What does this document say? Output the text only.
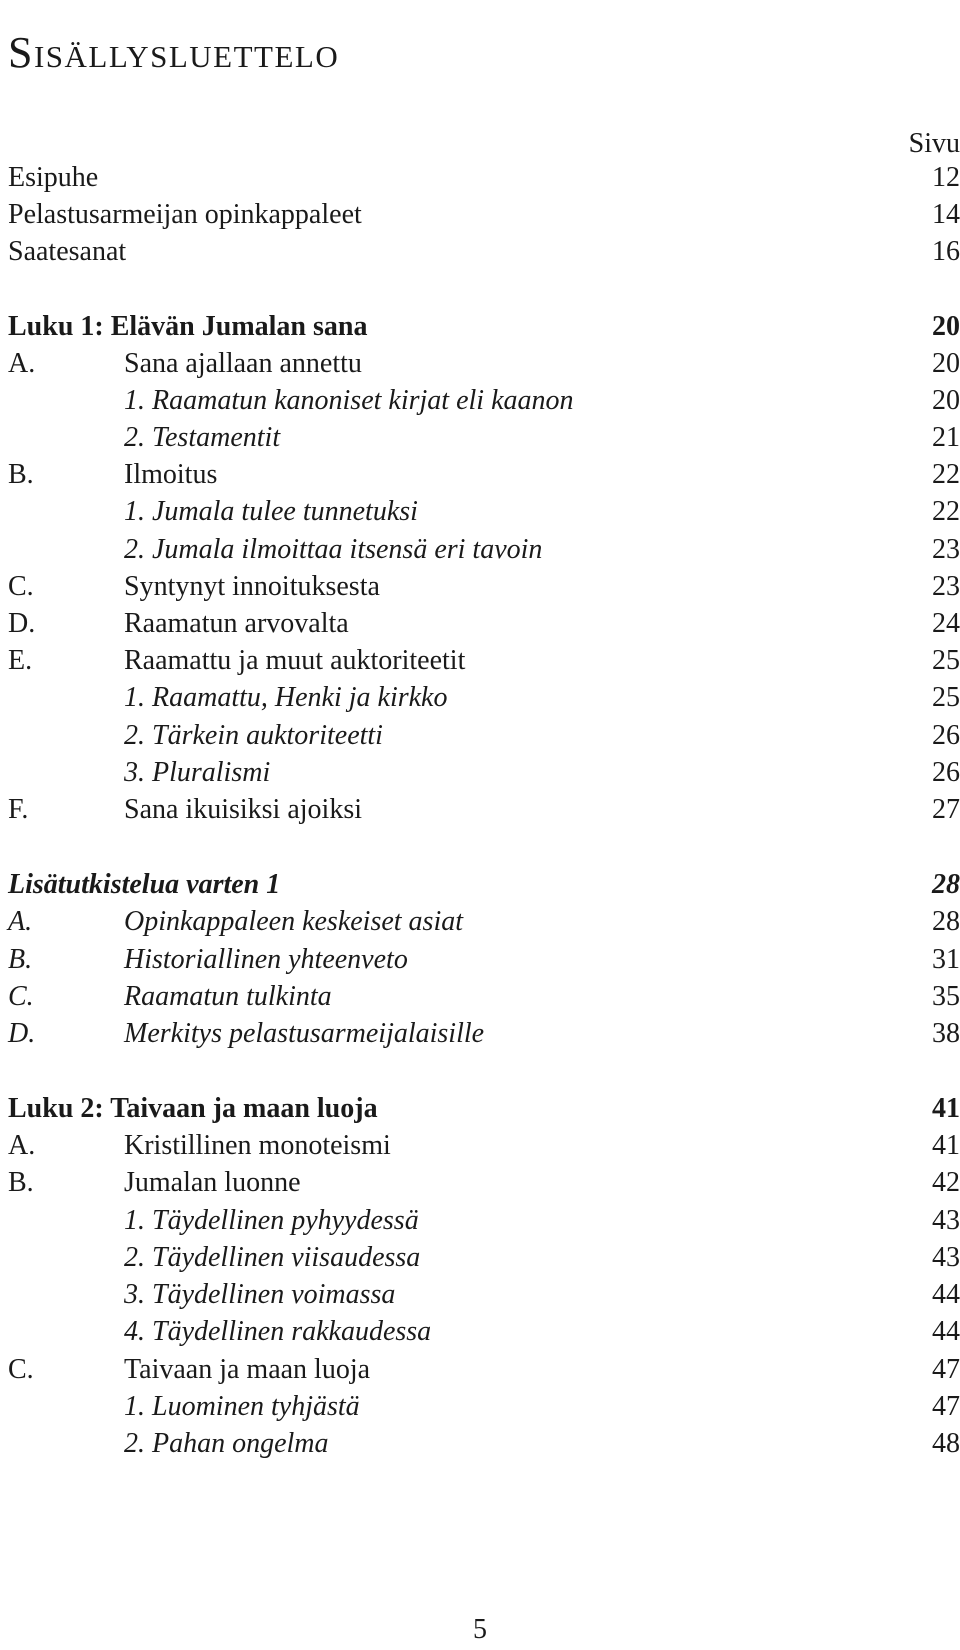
Sisällysluettelo
Sivu
Esipuhe	12
Pelastusarmeijan opinkappaleet	14
Saatesanat	16
Luku 1: Elävän Jumalan sana	20
A.	Sana ajallaan annettu	20
1. Raamatun kanoniset kirjat eli kaanon	20
2. Testamentit	21
B.	Ilmoitus	22
1. Jumala tulee tunnetuksi	22
2. Jumala ilmoittaa itsensä eri tavoin	23
C.	Syntynyt innoituksesta	23
D.	Raamatun arvovalta	24
E.	Raamattu ja muut auktoriteetit	25
1. Raamattu, Henki ja kirkko	25
2. Tärkein auktoriteetti	26
3. Pluralismi	26
F.	Sana ikuisiksi ajoiksi	27
Lisätutkistelua varten 1	28
A.	Opinkappaleen keskeiset asiat	28
B.	Historiallinen yhteenveto	31
C.	Raamatun tulkinta	35
D.	Merkitys pelastusarmeijalaisille	38
Luku 2: Taivaan ja maan luoja	41
A.	Kristillinen monoteismi	41
B.	Jumalan luonne	42
1. Täydellinen pyhyydessä	43
2. Täydellinen viisaudessa	43
3. Täydellinen voimassa	44
4. Täydellinen rakkaudessa	44
C.	Taivaan ja maan luoja	47
1. Luominen tyhjästä	47
2. Pahan ongelma	48
5
